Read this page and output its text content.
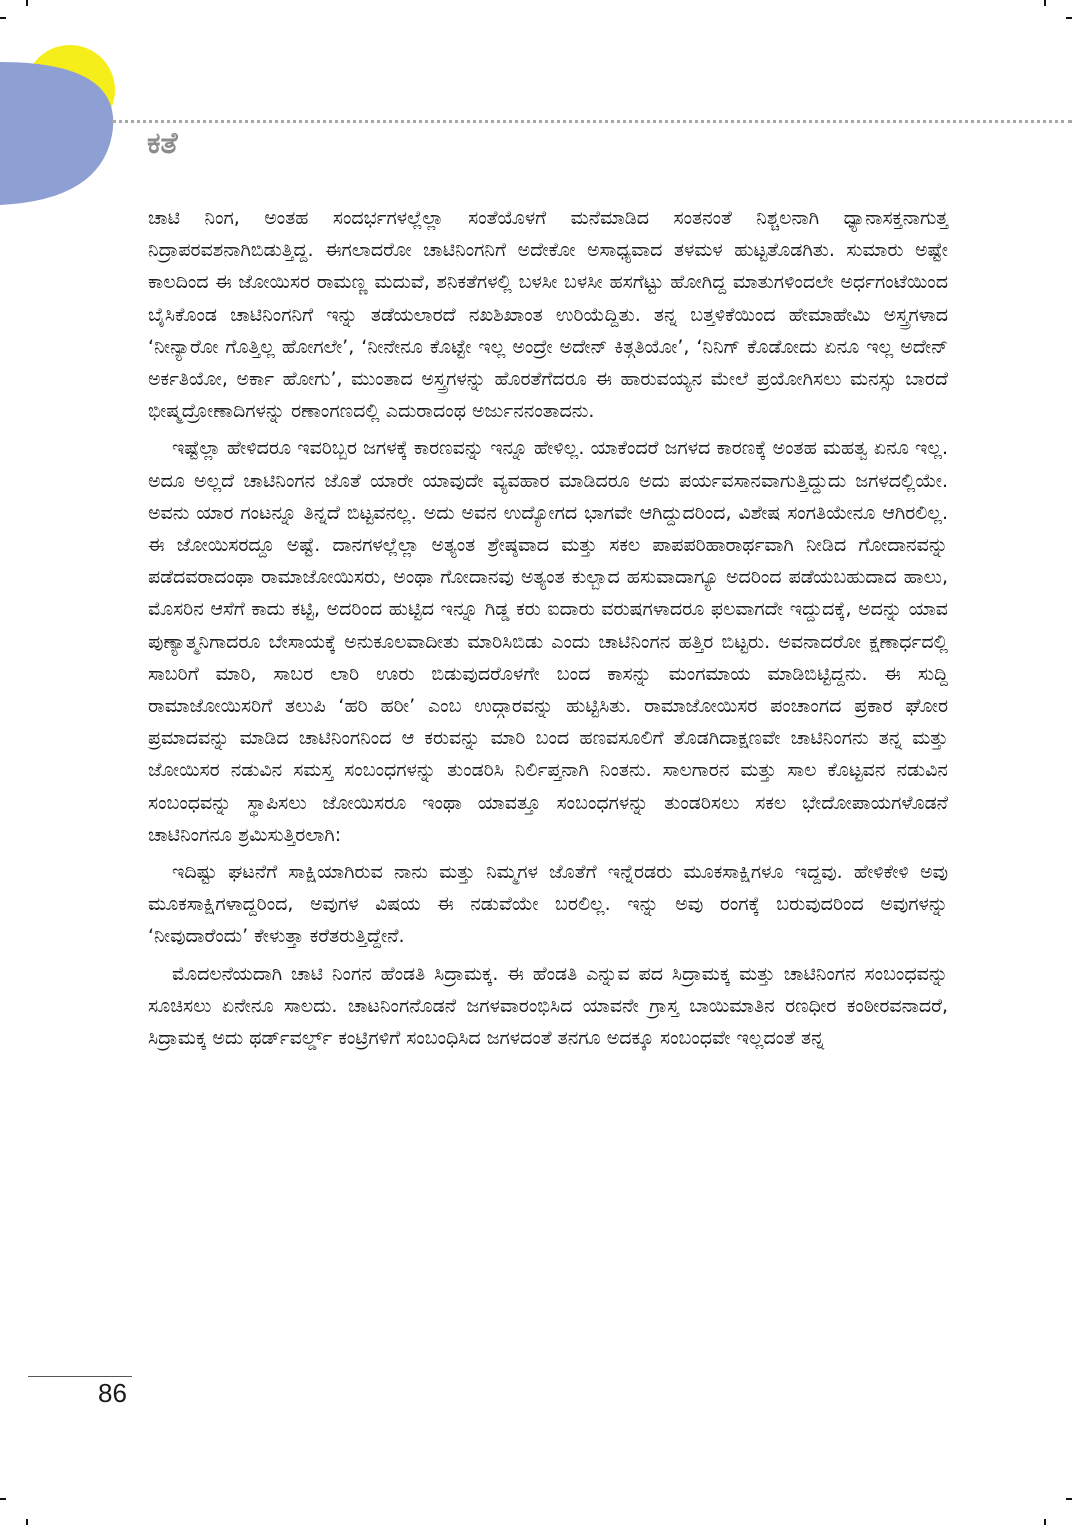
ಕತೆ

ಚಾಟಿ ನಿಂಗ, ಅಂತಹ ಸಂದರ್ಭಗಳಲ್ಲೆಲ್ಲಾ ಸಂತೆಯೊಳಗೆ ಮನೆಮಾಡಿದ ಸಂತನಂತೆ ನಿಶ್ಚಲನಾಗಿ ಧ್ಯಾನಾಸಕ್ತನಾಗುತ್ತ ನಿದ್ರಾಪರವಶನಾಗಿಬಿಡುತ್ತಿದ್ದ. ಈಗಲಾದರೋ ಚಾಟಿನಿಂಗನಿಗೆ ಅದೇಕೋ ಅಸಾಧ್ಯವಾದ ತಳಮಳ ಹುಟ್ಟತೊಡಗಿತು. ಸುಮಾರು ಅಷ್ಟೇ ಕಾಲದಿಂದ ಈ ಜೋಯಿಸರ ರಾಮಣ್ಣ ಮದುವೆ, ಶನಿಕತೆಗಳಲ್ಲಿ ಬಳಸೀ ಬಳಸೀ ಹಸಗೆಟ್ಟು ಹೋಗಿದ್ದ ಮಾತುಗಳಿಂದಲೇ ಅರ್ಧಗಂಟೆಯಿಂದ ಬೈಸಿಕೊಂಡ ಚಾಟಿನಿಂಗನಿಗೆ ಇನ್ನು ತಡೆಯಲಾರದೆ ನಖಶಿಖಾಂತ ಉರಿಯೆದ್ದಿತು. ತನ್ನ ಬತ್ತಳಿಕೆಯಿಂದ ಹೇಮಾಹೇಮಿ ಅಸ್ತ್ರಗಳಾದ ‘ನೀನ್ಯಾರೋ ಗೊತ್ತಿಲ್ಲ ಹೋಗಲೇ’, ‘ನೀನೇನೂ ಕೊಟ್ಟೇ ಇಲ್ಲ ಅಂದ್ರೇ ಅದೇನ್ ಕಿತ್ಗತಿಯೋ’, ‘ನಿನಿಗ್ ಕೊಡೋದು ಏನೂ ಇಲ್ಲ ಅದೇನ್ ಅರ್ಕತಿಯೋ, ಅರ್ಕಾ ಹೋಗು’, ಮುಂತಾದ ಅಸ್ತ್ರಗಳನ್ನು ಹೊರತೆಗೆದರೂ ಈ ಹಾರುವಯ್ಯನ ಮೇಲೆ ಪ್ರಯೋಗಿಸಲು ಮನಸ್ಸು ಬಾರದೆ ಭೀಷ್ಮದ್ರೋಣಾದಿಗಳನ್ನು ರಣಾಂಗಣದಲ್ಲಿ ಎದುರಾದಂಥ ಅರ್ಜುನನಂತಾದನು.

ಇಷ್ಟೆಲ್ಲಾ ಹೇಳಿದರೂ ಇವರಿಬ್ಬರ ಜಗಳಕ್ಕೆ ಕಾರಣವನ್ನು ಇನ್ನೂ ಹೇಳಿಲ್ಲ. ಯಾಕೆಂದರೆ ಜಗಳದ ಕಾರಣಕ್ಕೆ ಅಂತಹ ಮಹತ್ವ ಏನೂ ಇಲ್ಲ. ಅದೂ ಅಲ್ಲದೆ ಚಾಟಿನಿಂಗನ ಜೊತೆ ಯಾರೇ ಯಾವುದೇ ವ್ಯವಹಾರ ಮಾಡಿದರೂ ಅದು ಪರ್ಯವಸಾನವಾಗುತ್ತಿದ್ದುದು ಜಗಳದಲ್ಲಿಯೇ. ಅವನು ಯಾರ ಗಂಟನ್ನೂ ತಿನ್ನದೆ ಬಿಟ್ಟವನಲ್ಲ. ಅದು ಅವನ ಉದ್ಯೋಗದ ಭಾಗವೇ ಆಗಿದ್ದುದರಿಂದ, ವಿಶೇಷ ಸಂಗತಿಯೇನೂ ಆಗಿರಲಿಲ್ಲ. ಈ ಜೋಯಿಸರದ್ದೂ ಅಷ್ಟೆ. ದಾನಗಳಲ್ಲೆಲ್ಲಾ ಅತ್ಯಂತ ಶ್ರೇಷ್ಠವಾದ ಮತ್ತು ಸಕಲ ಪಾಪಪರಿಹಾರಾರ್ಥವಾಗಿ ನೀಡಿದ ಗೋದಾನವನ್ನು ಪಡೆದವರಾದಂಥಾ ರಾಮಾಜೋಯಿಸರು, ಅಂಥಾ ಗೋದಾನವು ಅತ್ಯಂತ ಕುಲ್ಬಾದ ಹಸುವಾದಾಗ್ಯೂ ಅದರಿಂದ ಪಡೆಯಬಹುದಾದ ಹಾಲು, ಮೊಸರಿನ ಆಸೆಗೆ ಕಾದು ಕಟ್ಟಿ, ಅದರಿಂದ ಹುಟ್ಟಿದ ಇನ್ನೂ ಗಿಡ್ಡ ಕರು ಐದಾರು ವರುಷಗಳಾದರೂ ಫಲವಾಗದೇ ಇದ್ದುದಕ್ಕೆ, ಅದನ್ನು ಯಾವ ಪುಣ್ಯಾತ್ಮನಿಗಾದರೂ ಬೇಸಾಯಕ್ಕೆ ಅನುಕೂಲವಾದೀತು ಮಾರಿಸಿಬಿಡು ಎಂದು ಚಾಟಿನಿಂಗನ ಹತ್ತಿರ ಬಿಟ್ಟರು. ಅವನಾದರೋ ಕ್ಷಣಾರ್ಧದಲ್ಲಿ ಸಾಬರಿಗೆ ಮಾರಿ, ಸಾಬರ ಲಾರಿ ಊರು ಬಿಡುವುದರೊಳಗೇ ಬಂದ ಕಾಸನ್ನು ಮಂಗಮಾಯ ಮಾಡಿಬಿಟ್ಟಿದ್ದನು. ಈ ಸುದ್ದಿ ರಾಮಾಜೋಯಿಸರಿಗೆ ತಲುಪಿ ‘ಹರಿ ಹರೀ’ ಎಂಬ ಉದ್ಗಾರವನ್ನು ಹುಟ್ಟಿಸಿತು. ರಾಮಾಜೋಯಿಸರ ಪಂಚಾಂಗದ ಪ್ರಕಾರ ಘೋರ ಪ್ರಮಾದವನ್ನು ಮಾಡಿದ ಚಾಟಿನಿಂಗನಿಂದ ಆ ಕರುವನ್ನು ಮಾರಿ ಬಂದ ಹಣವಸೂಲಿಗೆ ತೊಡಗಿದಾಕ್ಷಣವೇ ಚಾಟಿನಿಂಗನು ತನ್ನ ಮತ್ತು ಜೋಯಿಸರ ನಡುವಿನ ಸಮಸ್ತ ಸಂಬಂಧಗಳನ್ನು ತುಂಡರಿಸಿ ನಿರ್ಲಿಪ್ತನಾಗಿ ನಿಂತನು. ಸಾಲಗಾರನ ಮತ್ತು ಸಾಲ ಕೊಟ್ಟವನ ನಡುವಿನ ಸಂಬಂಧವನ್ನು ಸ್ಥಾಪಿಸಲು ಜೋಯಿಸರೂ ಇಂಥಾ ಯಾವತ್ತೂ ಸಂಬಂಧಗಳನ್ನು ತುಂಡರಿಸಲು ಸಕಲ ಭೇದೋಪಾಯಗಳೊಡನೆ ಚಾಟಿನಿಂಗನೂ ಶ್ರಮಿಸುತ್ತಿರಲಾಗಿ:

ಇದಿಷ್ಟು ಘಟನೆಗೆ ಸಾಕ್ಷಿಯಾಗಿರುವ ನಾನು ಮತ್ತು ನಿಮ್ಮಗಳ ಜೊತೆಗೆ ಇನ್ನೆರಡರು ಮೂಕಸಾಕ್ಷಿಗಳೂ ಇದ್ದವು. ಹೇಳಿಕೇಳಿ ಅವು ಮೂಕಸಾಕ್ಷಿಗಳಾದ್ದರಿಂದ, ಅವುಗಳ ವಿಷಯ ಈ ನಡುವೆಯೇ ಬರಲಿಲ್ಲ. ಇನ್ನು ಅವು ರಂಗಕ್ಕೆ ಬರುವುದರಿಂದ ಅವುಗಳನ್ನು ‘ನೀವುದಾರೆಂದು’ ಕೇಳುತ್ತಾ ಕರೆತರುತ್ತಿದ್ದೇನೆ.

ಮೊದಲನೆಯದಾಗಿ ಚಾಟಿ ನಿಂಗನ ಹೆಂಡತಿ ಸಿದ್ರಾಮಕ್ಕ. ಈ ಹೆಂಡತಿ ಎನ್ನುವ ಪದ ಸಿದ್ರಾಮಕ್ಕ ಮತ್ತು ಚಾಟಿನಿಂಗನ ಸಂಬಂಧವನ್ನು ಸೂಚಿಸಲು ಏನೇನೂ ಸಾಲದು. ಚಾಟನಿಂಗನೊಡನೆ ಜಗಳವಾರಂಭಿಸಿದ ಯಾವನೇ ಗ್ರಾಸ್ತ ಬಾಯಿಮಾತಿನ ರಣಧೀರ ಕಂಠೀರವನಾದರೆ, ಸಿದ್ರಾಮಕ್ಕ ಅದು ಥರ್ಡ್‌ವರ್ಲ್ಡ್ ಕಂಟ್ರಿಗಳಿಗೆ ಸಂಬಂಧಿಸಿದ ಜಗಳದಂತೆ ತನಗೂ ಅದಕ್ಕೂ ಸಂಬಂಧವೇ ಇಲ್ಲದಂತೆ ತನ್ನ

86
